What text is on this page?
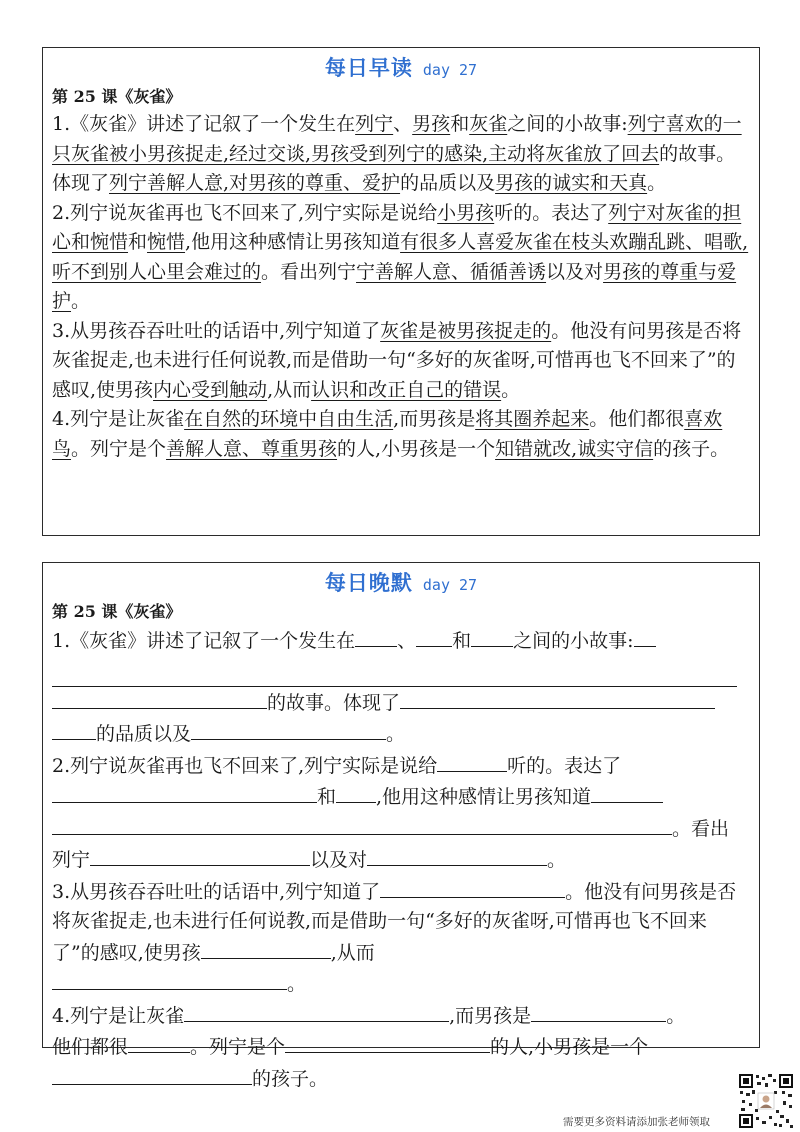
每日早读 day 27
第 25 课《灰雀》

1.《灰雀》讲述了记叙了一个发生在列宁、男孩和灰雀之间的小故事:列宁喜欢的一只灰雀被小男孩捉走,经过交谈,男孩受到列宁的感染,主动将灰雀放了回去的故事。体现了列宁善解人意,对男孩的尊重、爱护的品质以及男孩的诚实和天真。

2.列宁说灰雀再也飞不回来了,列宁实际是说给小男孩听的。表达了列宁对灰雀的担心和惋惜和惋惜,他用这种感情让男孩知道有很多人喜爱灰雀在枝头欢蹦乱跳、唱歌,听不到别人心里会难过的。看出列宁宁善解人意、循循善诱以及对男孩的尊重与爱护。

3.从男孩吞吞吐吐的话语中,列宁知道了灰雀是被男孩捉走的。他没有问男孩是否将灰雀捉走,也未进行任何说教,而是借助一句“多好的灰雀呀,可惜再也飞不回来了”的感叹,使男孩内心受到触动,从而认识和改正自己的错误。

4.列宁是让灰雀在自然的环境中自由生活,而男孩是将其圈养起来。他们都很喜欢鸟。列宁是个善解人意、尊重男孩的人,小男孩是一个知错就改,诚实守信的孩子。

每日晚默 day 27
第 25 课《灰雀》

1.《灰雀》讲述了记叙了一个发生在 、 和 之间的小故事:

的故事。体现了

的品质以及	。

2.列宁说灰雀再也飞不回来了,列宁实际是说给	听的。表达了

和 ,他用这种感情让男孩知道

。看出

列宁	以及对	。

3.从男孩吞吞吐吐的话语中,列宁知道了	。他没有问男孩是否将灰雀捉走,也未进行任何说教,而是借助一句“多好的灰雀呀,可惜再也飞不回来了”的感叹,使男孩	,从而

。

4.列宁是让灰雀	,而男孩是	。

他们都很	。列宁是个	的人,小男孩是一个

的孩子。

需要更多资料请添加张老师领取
